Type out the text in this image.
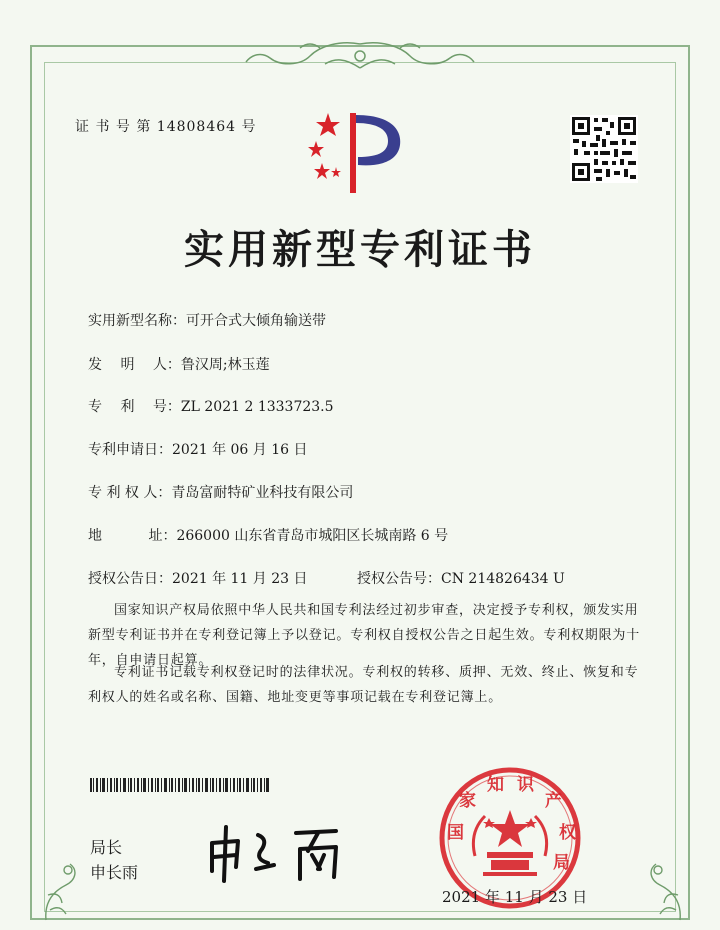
证 书 号 第 14808464 号
实用新型专利证书
实用新型名称：可开合式大倾角输送带
发　 明　 人：鲁汉周;林玉莲
专　 利　 号：ZL 2021 2 1333723.5
专利申请日：2021 年 06 月 16 日
专 利 权 人：青岛富耐特矿业科技有限公司
地　　　 址：266000 山东省青岛市城阳区长城南路 6 号
授权公告日：2021 年 11 月 23 日	授权公告号：CN 214826434 U
国家知识产权局依照中华人民共和国专利法经过初步审查，决定授予专利权，颁发实用
新型专利证书并在专利登记簿上予以登记。专利权自授权公告之日起生效。专利权期限为十
年，自申请日起算。
专利证书记载专利权登记时的法律状况。专利权的转移、质押、无效、终止、恢复和专
利权人的姓名或名称、国籍、地址变更等事项记载在专利登记簿上。
局长
申长雨
国
家
知 识
产
权
局
2021 年 11 月 23 日
